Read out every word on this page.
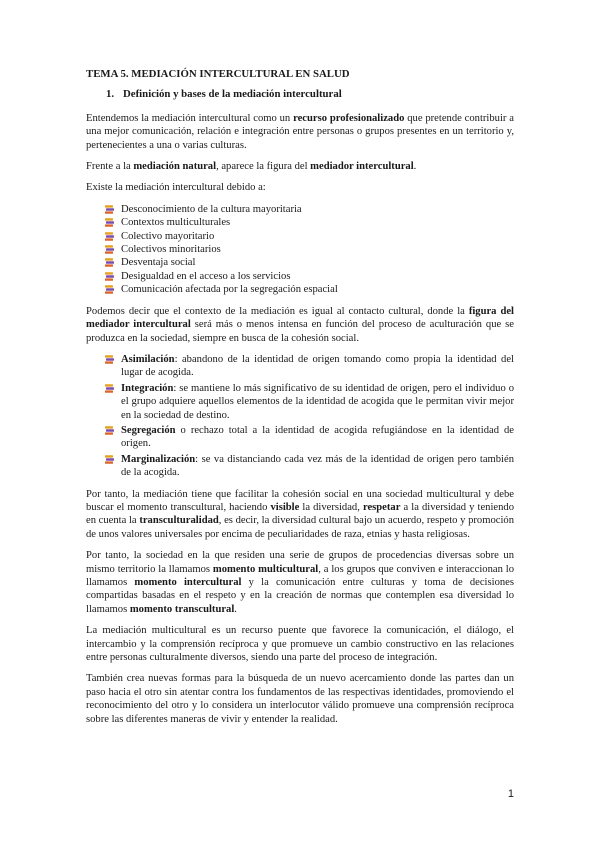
TEMA 5. MEDIACIÓN INTERCULTURAL EN SALUD
1. Definición y bases de la mediación intercultural

Entendemos la mediación intercultural como un recurso profesionalizado que pretende contribuir a una mejor comunicación, relación e integración entre personas o grupos presentes en un territorio y, pertenecientes a una o varias culturas.

Frente a la mediación natural, aparece la figura del mediador intercultural.

Existe la mediación intercultural debido a:

Desconocimiento de la cultura mayoritaria
Contextos multiculturales
Colectivo mayoritario
Colectivos minoritarios
Desventaja social
Desigualdad en el acceso a los servicios
Comunicación afectada por la segregación espacial

Podemos decir que el contexto de la mediación es igual al contacto cultural, donde la figura del mediador intercultural será más o menos intensa en función del proceso de aculturación que se produzca en la sociedad, siempre en busca de la cohesión social.

Asimilación: abandono de la identidad de origen tomando como propia la identidad del lugar de acogida.
Integración: se mantiene lo más significativo de su identidad de origen, pero el individuo o el grupo adquiere aquellos elementos de la identidad de acogida que le permitan vivir mejor en la sociedad de destino.
Segregación o rechazo total a la identidad de acogida refugiándose en la identidad de origen.
Marginalización: se va distanciando cada vez más de la identidad de origen pero también de la acogida.

Por tanto, la mediación tiene que facilitar la cohesión social en una sociedad multicultural y debe buscar el momento transcultural, haciendo visible la diversidad, respetar a la diversidad y teniendo en cuenta la transculturalidad, es decir, la diversidad cultural bajo un acuerdo, respeto y promoción de unos valores universales por encima de peculiaridades de raza, etnias y hasta religiosas.

Por tanto, la sociedad en la que residen una serie de grupos de procedencias diversas sobre un mismo territorio la llamamos momento multicultural, a los grupos que conviven e interaccionan lo llamamos momento intercultural y la comunicación entre culturas y toma de decisiones compartidas basadas en el respeto y en la creación de normas que contemplen esa diversidad lo llamamos momento transcultural.

La mediación multicultural es un recurso puente que favorece la comunicación, el diálogo, el intercambio y la comprensión recíproca y que promueve un cambio constructivo en las relaciones entre personas culturalmente diversos, siendo una parte del proceso de integración.

También crea nuevas formas para la búsqueda de un nuevo acercamiento donde las partes dan un paso hacia el otro sin atentar contra los fundamentos de las respectivas identidades, promoviendo el reconocimiento del otro y lo considera un interlocutor válido promueve una comprensión recíproca sobre las diferentes maneras de vivir y entender la realidad.

1
